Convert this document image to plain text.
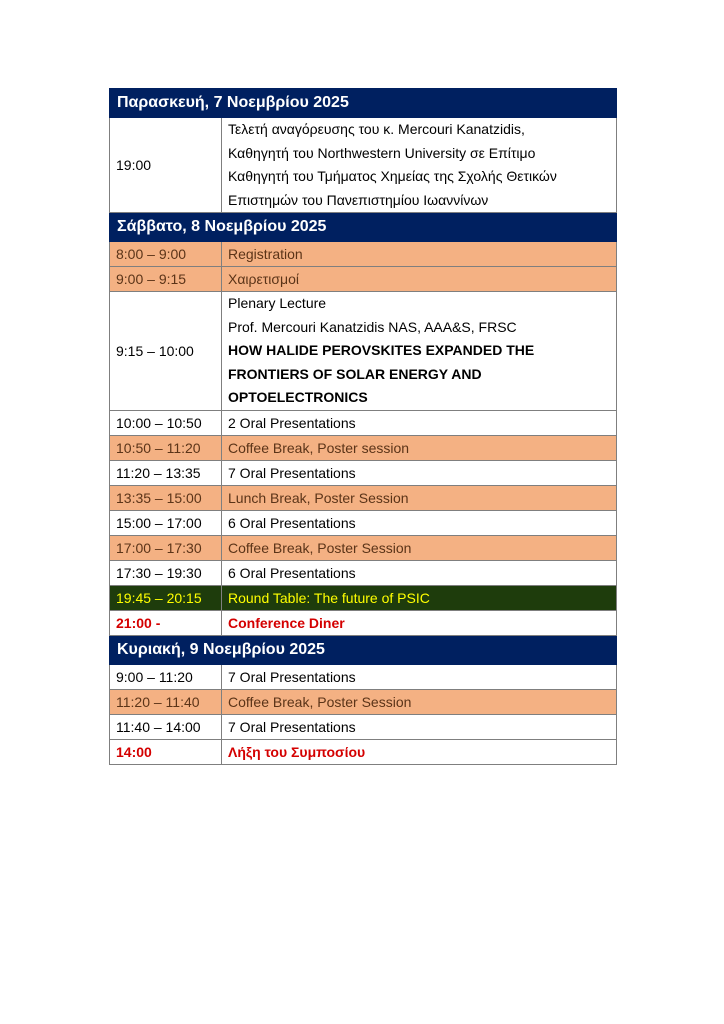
Παρασκευή, 7 Νοεμβρίου 2025	
19:00	Τελετή αναγόρευσης του κ. Mercouri Kanatzidis,
Καθηγητή του Northwestern University σε Επίτιμο
Καθηγητή του Τμήματος Χημείας της Σχολής Θετικών
Επιστημών του Πανεπιστημίου Ιωαννίνων

Σάββατο, 8 Νοεμβρίου 2025	
8:00 – 9:00	Registration
9:00 – 9:15	Χαιρετισμοί
9:15 – 10:00	Plenary Lecture
Prof. Mercouri Kanatzidis NAS, AAA&S, FRSC
HOW HALIDE PEROVSKITES EXPANDED THE
FRONTIERS OF SOLAR ENERGY AND
OPTOELECTRONICS

10:00 – 10:50	2 Oral Presentations
10:50 – 11:20	Coffee Break, Poster session
11:20 – 13:35	7 Oral Presentations
13:35 – 15:00	Lunch Break, Poster Session
15:00 – 17:00	6 Oral Presentations
17:00 – 17:30	Coffee Break, Poster Session
17:30 – 19:30	6 Oral Presentations
19:45 – 20:15	Round Table: The future of PSIC
21:00 -	Conference Diner
Κυριακή, 9 Νοεμβρίου 2025	
9:00 – 11:20	7 Oral Presentations
11:20 – 11:40	Coffee Break, Poster Session
11:40 – 14:00	7 Oral Presentations
14:00	Λήξη του Συμποσίου
